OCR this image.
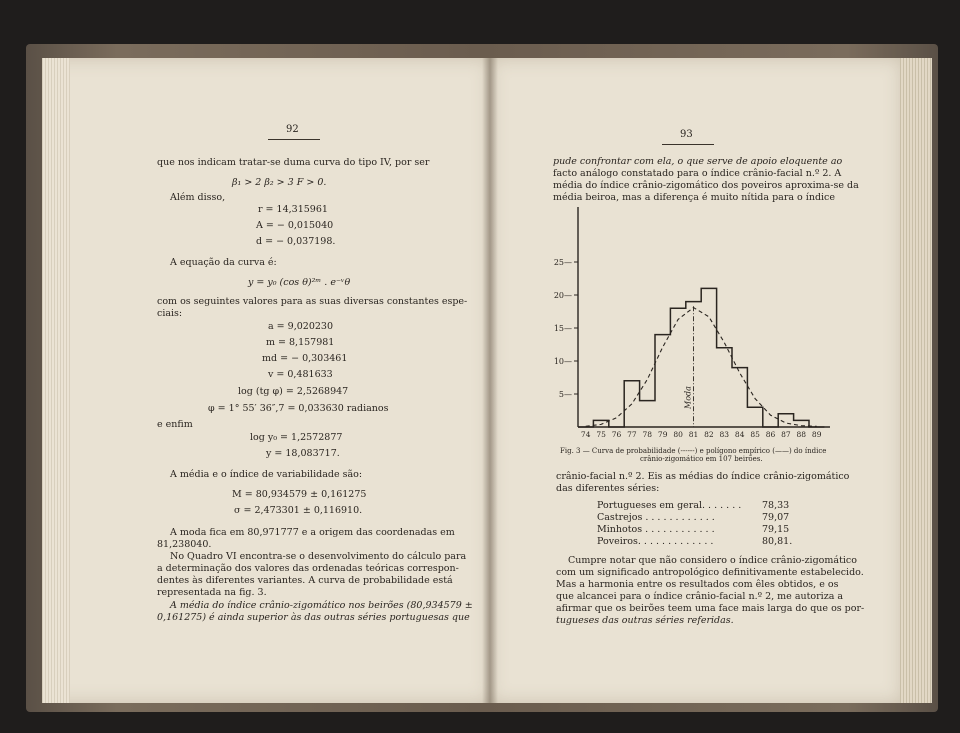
92
que nos indicam tratar-se duma curva do tipo IV, por ser
β₁ > 2 β₂ > 3 F > 0.
Além disso,
r = 14,315961
A = − 0,015040
d = − 0,037198.
A equação da curva é:
y = y₀ (cos θ)²ᵐ . e⁻ᵛθ
com os seguintes valores para as suas diversas constantes espe-
ciais:
a = 9,020230
m = 8,157981
md = − 0,303461
v = 0,481633
log (tg φ) = 2,5268947
φ = 1° 55′ 36″,7 = 0,033630 radianos
e enfim
log y₀ = 1,2572877
y = 18,083717.
A média e o índice de variabilidade são:
M = 80,934579 ± 0,161275
σ = 2,473301 ± 0,116910.
A moda fica em 80,971777 e a origem das coordenadas em
81,238040.
No Quadro VI encontra-se o desenvolvimento do cálculo para
a determinação dos valores das ordenadas teóricas correspon-
dentes às diferentes variantes. A curva de probabilidade está
representada na fig. 3.
A média do índice crânio-zigomático nos beirões (80,934579 ±
0,161275) é ainda superior às das outras séries portuguesas que
93
pude confrontar com ela, o que serve de apoio eloquente ao
facto análogo constatado para o índice crânio-facial n.º 2. A
média do índice crânio-zigomático dos poveiros aproxima-se da
média beiroa, mas a diferença é muito nítida para o índice
5—
10—
15—
20—
25—
Moda
74 75 76 77 78 79 80 81 82 83 84 85 86 87 88 89
Fig. 3 — Curva de probabilidade (------) e polígono empírico (——) do índice
crânio-zigomático em 107 beirões.
crânio-facial n.º 2. Eis as médias do índice crânio-zigomático
das diferentes séries:
Portugueses em geral. . . . . . . 78,33
Castrejos . . . . . . . . . . . .	79,07
Minhotos . . . . . . . . . . . .	79,15
Poveiros. . . . . . . . . . . . .	80,81.
Cumpre notar que não considero o índice crânio-zigomático
com um significado antropológico definitivamente estabelecido.
Mas a harmonia entre os resultados com êles obtidos, e os
que alcancei para o índice crânio-facial n.º 2, me autoriza a
afirmar que os beirões teem uma face mais larga do que os por-
tugueses das outras séries referidas.
